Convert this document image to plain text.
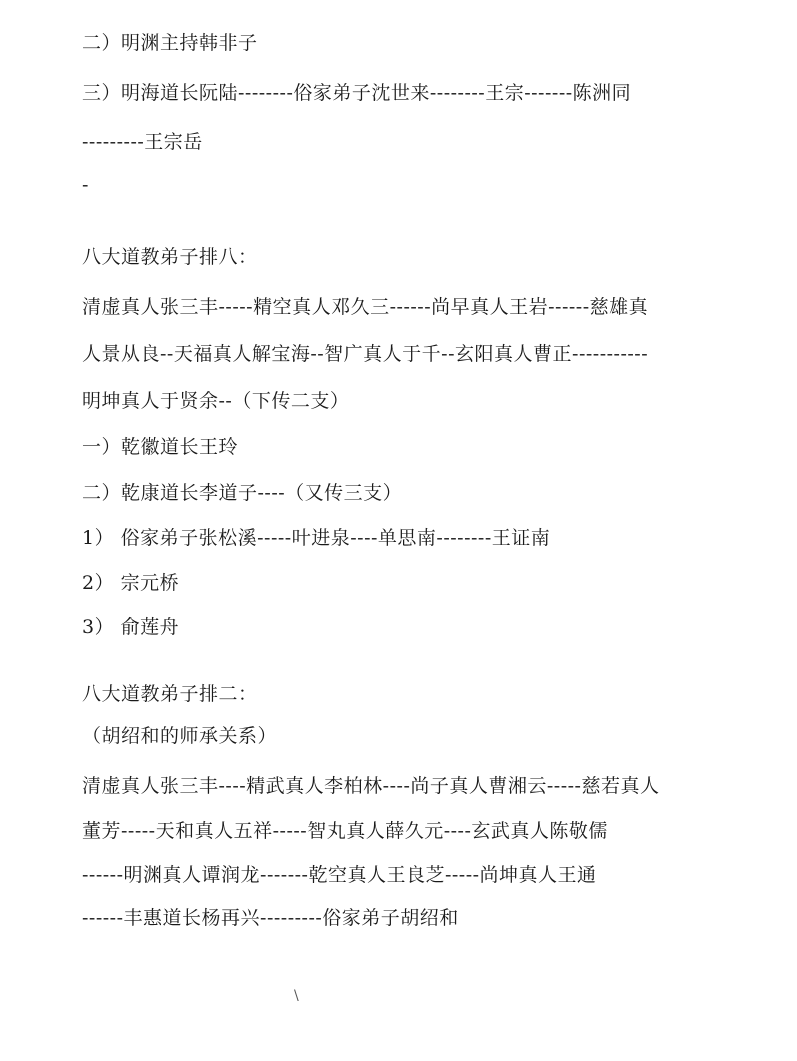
二）明渊主持韩非子

三）明海道长阮陆--------俗家弟子沈世来--------王宗-------陈洲同

---------王宗岳

-

八大道教弟子排八：

清虚真人张三丰-----精空真人邓久三------尚早真人王岩------慈雄真

人景从良--天福真人解宝海--智广真人于千--玄阳真人曹正-----------

明坤真人于贤余--（下传二支）

一）乾徽道长王玲

二）乾康道长李道子----（又传三支）

1） 俗家弟子张松溪-----叶进泉----单思南--------王证南

2） 宗元桥

3） 俞莲舟

八大道教弟子排二：

（胡绍和的师承关系）

清虚真人张三丰----精武真人李柏林----尚子真人曹湘云-----慈若真人

董芳-----天和真人五祥-----智丸真人薛久元----玄武真人陈敬儒

------明渊真人谭润龙-------乾空真人王良芝-----尚坤真人王通

------丰惠道长杨再兴---------俗家弟子胡绍和

\
